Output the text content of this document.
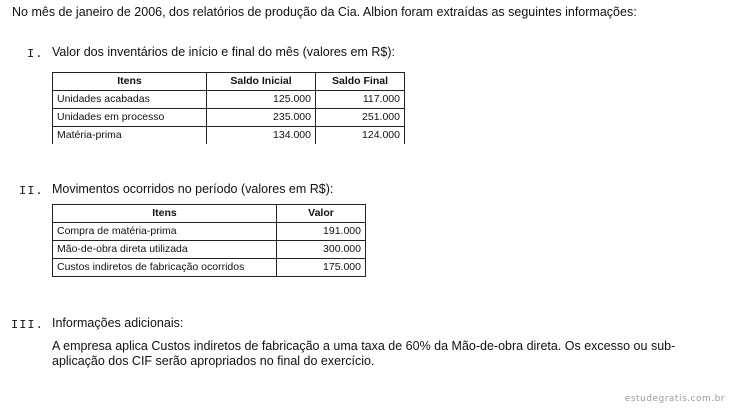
No mês de janeiro de 2006, dos relatórios de produção da Cia. Albion foram extraídas as seguintes informações:
I. Valor dos inventários de início e final do mês (valores em R$):
Itens	Saldo Inicial	Saldo Final
Unidades acabadas	125.000	117.000
Unidades em processo	235.000	251.000
Matéria-prima	134.000	124.000
II. Movimentos ocorridos no período (valores em R$):
Itens	Valor
Compra de matéria-prima	191.000
Mão-de-obra direta utilizada	300.000
Custos indiretos de fabricação ocorridos	175.000
III. Informações adicionais:
A empresa aplica Custos indiretos de fabricação a uma taxa de 60% da Mão-de-obra direta. Os excesso ou sub-aplicação dos CIF serão apropriados no final do exercício.
estudegratis.com.br
